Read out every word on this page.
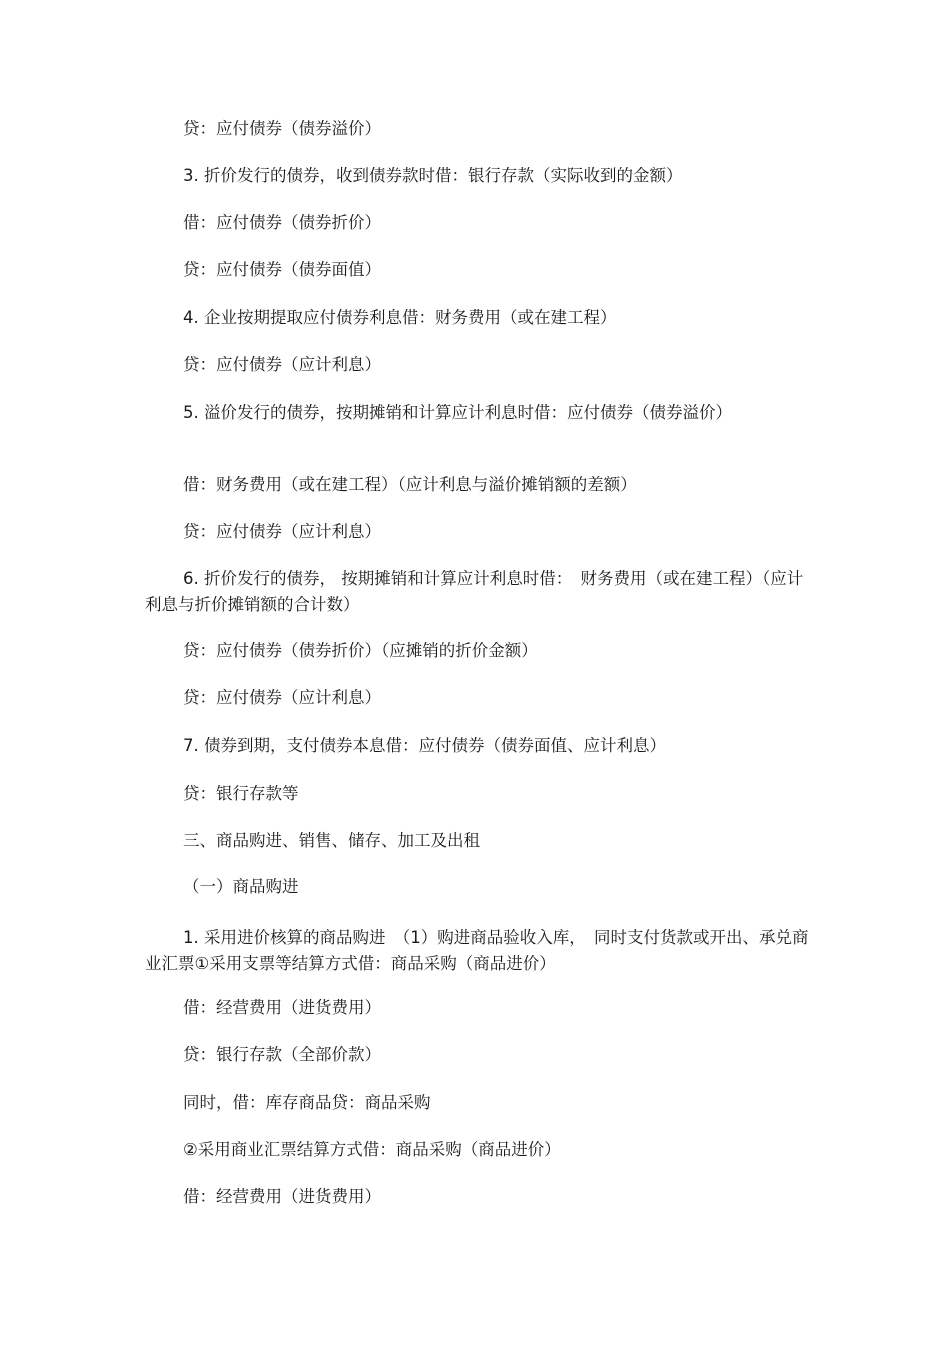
贷：应付债券（债券溢价）
3. 折价发行的债券，收到债券款时借：银行存款（实际收到的金额）
借：应付债券（债券折价）
贷：应付债券（债券面值）
4. 企业按期提取应付债券利息借：财务费用（或在建工程）
贷：应付债券（应计利息）
5. 溢价发行的债券，按期摊销和计算应计利息时借：应付债券（债券溢价）
借：财务费用（或在建工程）（应计利息与溢价摊销额的差额）
贷：应付债券（应计利息）
6. 折价发行的债券， 按期摊销和计算应计利息时借：　财务费用（或在建工程）（应计利息与折价摊销额的合计数）
贷：应付债券（债券折价）（应摊销的折价金额）
贷：应付债券（应计利息）
7. 债券到期，支付债券本息借：应付债券（债券面值、应计利息）
贷：银行存款等
三、商品购进、销售、储存、加工及出租
（一）商品购进
1. 采用进价核算的商品购进　（1）购进商品验收入库，　同时支付货款或开出、承兑商业汇票①采用支票等结算方式借：商品采购（商品进价）
借：经营费用（进货费用）
贷：银行存款（全部价款）
同时，借：库存商品贷：商品采购
②采用商业汇票结算方式借：商品采购（商品进价）
借：经营费用（进货费用）
